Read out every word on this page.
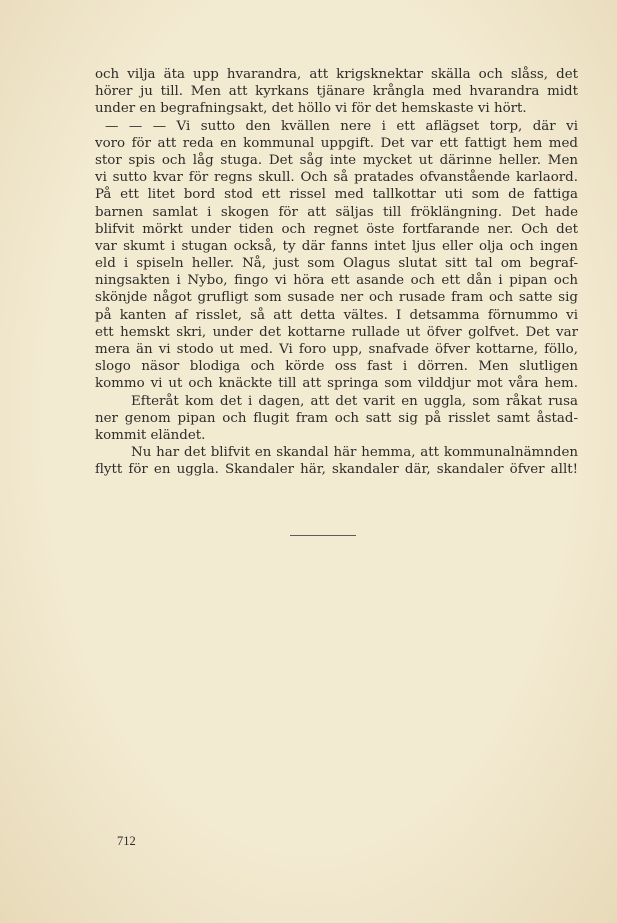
och vilja äta upp hvarandra, att krigsknektar skälla och slåss, det
hörer ju till. Men att kyrkans tjänare krångla med hvarandra midt
under en begrafningsakt, det höllo vi för det hemskaste vi hört.
— — — Vi sutto den kvällen nere i ett aflägset torp, där vi
voro för att reda en kommunal uppgift. Det var ett fattigt hem med
stor spis och låg stuga. Det såg inte mycket ut därinne heller. Men
vi sutto kvar för regns skull. Och så pratades ofvanstående karlaord.
På ett litet bord stod ett rissel med tallkottar uti som de fattiga
barnen samlat i skogen för att säljas till fröklängning. Det hade
blifvit mörkt under tiden och regnet öste fortfarande ner. Och det
var skumt i stugan också, ty där fanns intet ljus eller olja och ingen
eld i spiseln heller. Nå, just som Olagus slutat sitt tal om begraf-
ningsakten i Nybo, fingo vi höra ett asande och ett dån i pipan och
skönjde något grufligt som susade ner och rusade fram och satte sig
på kanten af risslet, så att detta vältes. I detsamma förnummo vi
ett hemskt skri, under det kottarne rullade ut öfver golfvet. Det var
mera än vi stodo ut med. Vi foro upp, snafvade öfver kottarne, föllo,
slogo näsor blodiga och körde oss fast i dörren. Men slutligen
kommo vi ut och knäckte till att springa som vilddjur mot våra hem.
Efteråt kom det i dagen, att det varit en uggla, som råkat rusa
ner genom pipan och flugit fram och satt sig på risslet samt åstad-
kommit eländet.
Nu har det blifvit en skandal här hemma, att kommunalnämnden
flytt för en uggla. Skandaler här, skandaler där, skandaler öfver allt!
712
